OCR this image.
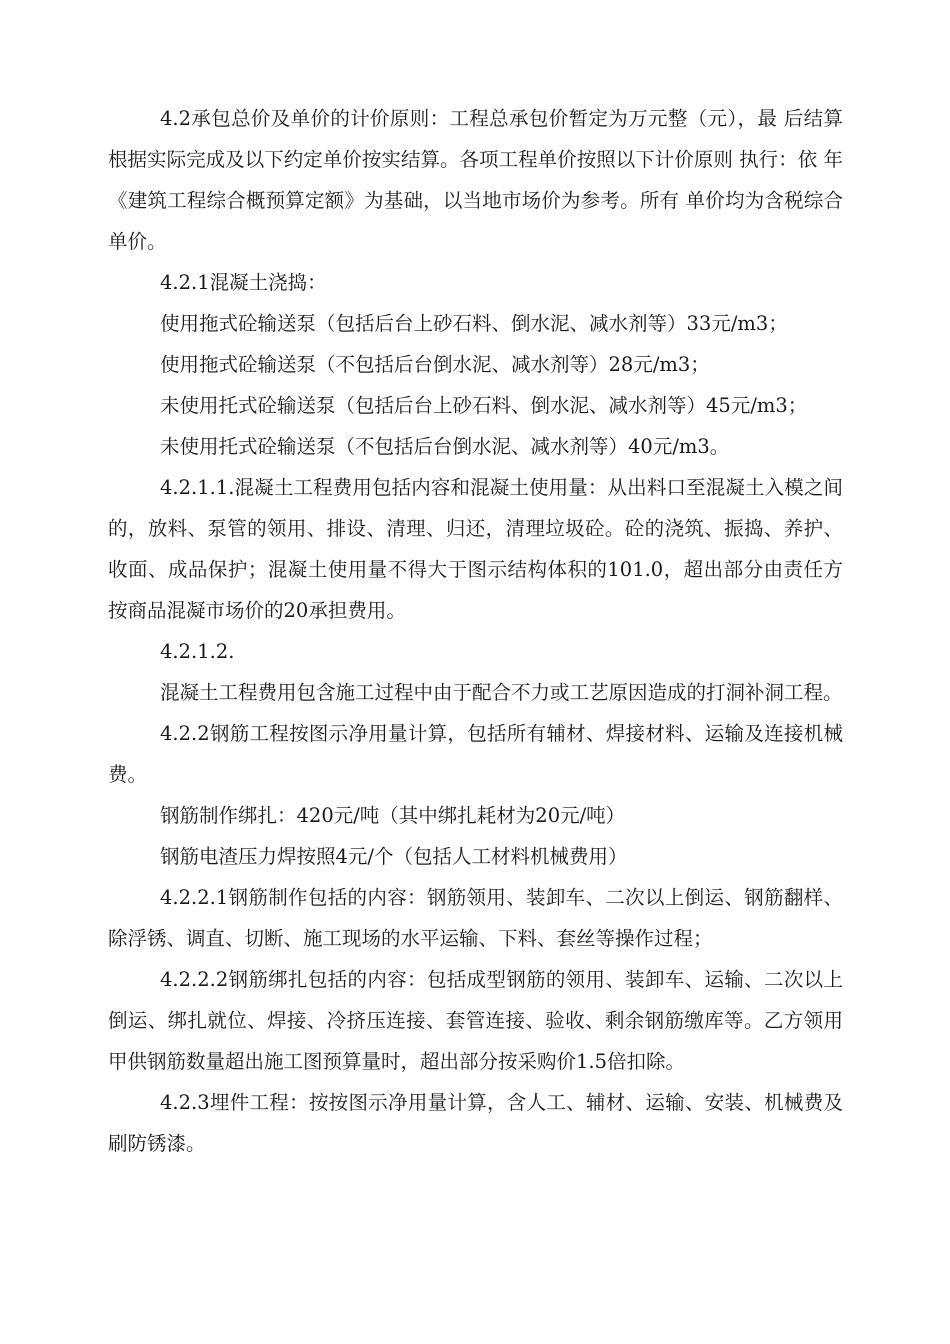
4.2承包总价及单价的计价原则：工程总承包价暂定为万元整（元），最 后结算根据实际完成及以下约定单价按实结算。各项工程单价按照以下计价原则 执行：依 年《建筑工程综合概预算定额》为基础，以当地市场价为参考。所有 单价均为含税综合单价。

4.2.1混凝土浇捣：

使用拖式砼输送泵（包括后台上砂石料、倒水泥、减水剂等）33元/m3；

使用拖式砼输送泵（不包括后台倒水泥、减水剂等）28元/m3；

未使用托式砼输送泵（包括后台上砂石料、倒水泥、减水剂等）45元/m3；

未使用托式砼输送泵（不包括后台倒水泥、减水剂等）40元/m3。

4.2.1.1.混凝土工程费用包括内容和混凝土使用量：从出料口至混凝土入模之间的，放料、泵管的领用、排设、清理、归还，清理垃圾砼。砼的浇筑、振捣、养护、收面、成品保护；混凝土使用量不得大于图示结构体积的101.0，超出部分由责任方按商品混凝市场价的20承担费用。

4.2.1.2.

混凝土工程费用包含施工过程中由于配合不力或工艺原因造成的打洞补洞工程。

4.2.2钢筋工程按图示净用量计算，包括所有辅材、焊接材料、运输及连接机械费。

钢筋制作绑扎：420元/吨（其中绑扎耗材为20元/吨）

钢筋电渣压力焊按照4元/个（包括人工材料机械费用）

4.2.2.1钢筋制作包括的内容：钢筋领用、装卸车、二次以上倒运、钢筋翻样、除浮锈、调直、切断、施工现场的水平运输、下料、套丝等操作过程；

4.2.2.2钢筋绑扎包括的内容：包括成型钢筋的领用、装卸车、运输、二次以上倒运、绑扎就位、焊接、冷挤压连接、套管连接、验收、剩余钢筋缴库等。乙方领用甲供钢筋数量超出施工图预算量时，超出部分按采购价1.5倍扣除。

4.2.3埋件工程：按按图示净用量计算，含人工、辅材、运输、安装、机械费及刷防锈漆。
